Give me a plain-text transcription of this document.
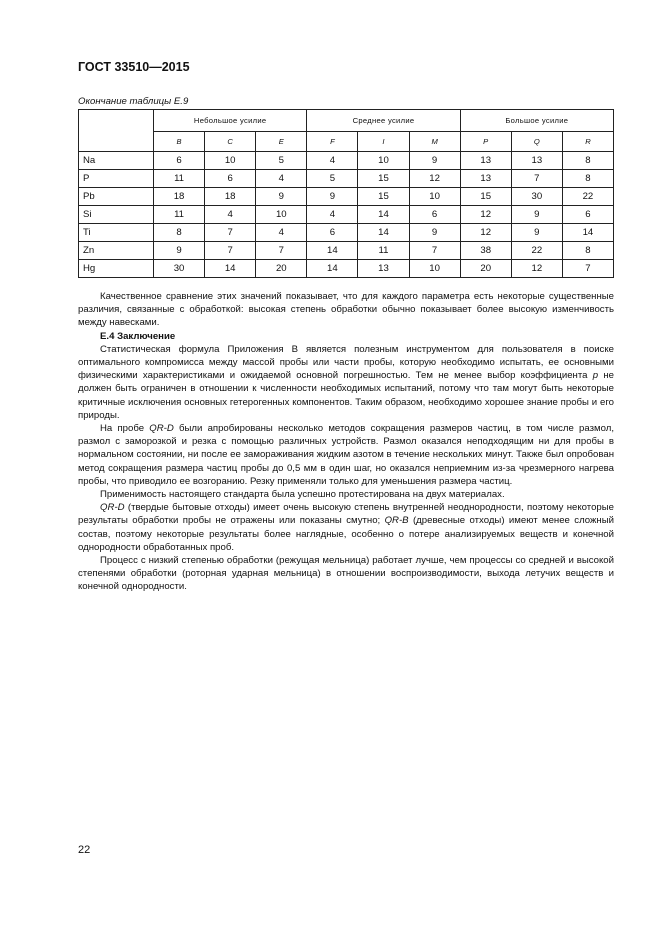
ГОСТ 33510—2015
Окончание таблицы Е.9
	Небольшое усилие			Среднее усилие			Большое усилие		
	B	C	E	F	I	M	P	Q	R
Na	6	10	5	4	10	9	13	13	8
P	11	6	4	5	15	12	13	7	8
Pb	18	18	9	9	15	10	15	30	22
Si	11	4	10	4	14	6	12	9	6
Ti	8	7	4	6	14	9	12	9	14
Zn	9	7	7	14	11	7	38	22	8
Hg	30	14	20	14	13	10	20	12	7

Качественное сравнение этих значений показывает, что для каждого параметра есть некоторые существенные различия, связанные с обработкой: высокая степень обработки обычно показывает более высокую изменчивость между навесками.

Е.4 Заключение

Статистическая формула Приложения В является полезным инструментом для пользователя в поиске оптимального компромисса между массой пробы или части пробы, которую необходимо испытать, ее основными физическими характеристиками и ожидаемой основной погрешностью. Тем не менее выбор коэффициента p не должен быть ограничен в отношении к численности необходимых испытаний, потому что там могут быть некоторые критичные исключения основных гетерогенных компонентов. Таким образом, необходимо хорошее знание пробы и его природы.

На пробе QR-D были апробированы несколько методов сокращения размеров частиц, в том числе размол, размол с заморозкой и резка с помощью различных устройств. Размол оказался неподходящим ни для пробы в нормальном состоянии, ни после ее замораживания жидким азотом в течение нескольких минут. Также был опробован метод сокращения размера частиц пробы до 0,5 мм в один шаг, но оказался неприемним из-за чрезмерного нагрева пробы, что приводило ее возгоранию. Резку применяли только для уменьшения размера частиц.

Применимость настоящего стандарта была успешно протестирована на двух материалах.

QR-D (твердые бытовые отходы) имеет очень высокую степень внутренней неоднородности, поэтому некоторые результаты обработки пробы не отражены или показаны смутно; QR-B (древесные отходы) имеют менее сложный состав, поэтому некоторые результаты более наглядные, особенно о потере анализируемых веществ и конечной однородности обработанных проб.

Процесс с низкий степенью обработки (режущая мельница) работает лучше, чем процессы со средней и высокой степенями обработки (роторная ударная мельница) в отношении воспроизводимости, выхода летучих веществ и конечной однородности.

22
